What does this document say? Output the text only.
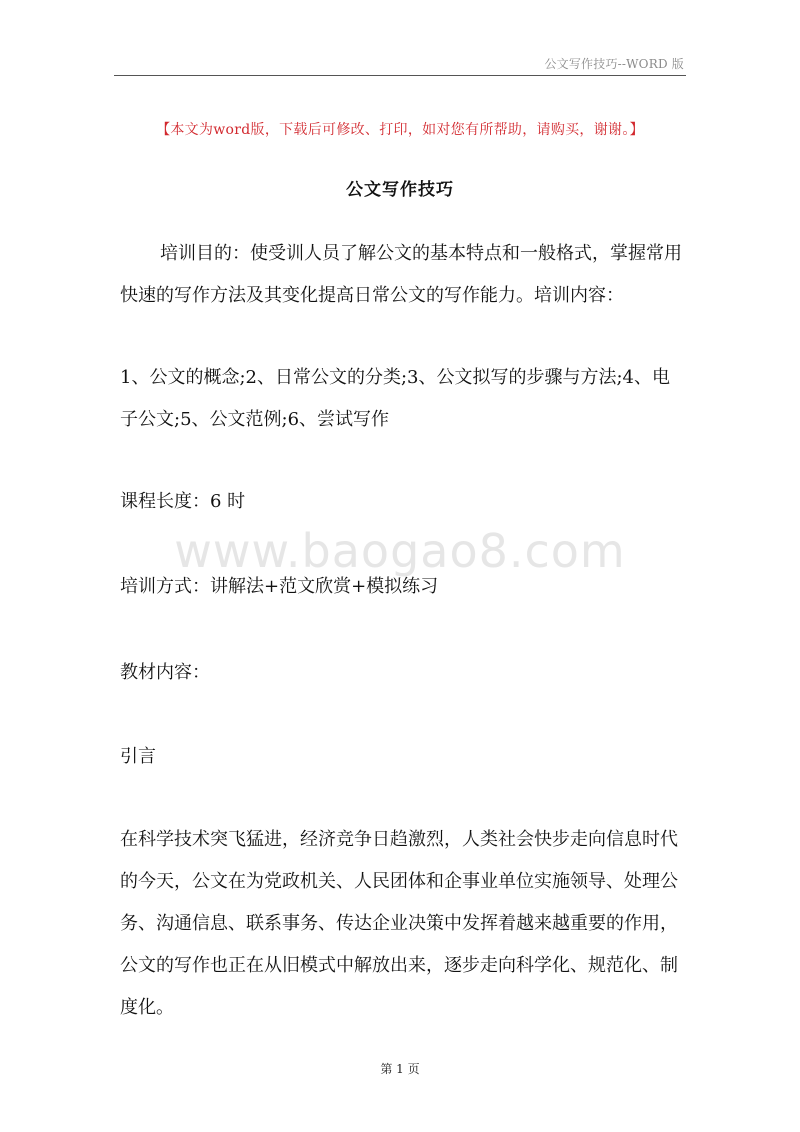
公文写作技巧--WORD 版
【本文为word版，下载后可修改、打印，如对您有所帮助，请购买，谢谢。】
公文写作技巧

培训目的：使受训人员了解公文的基本特点和一般格式，掌握常用快速的写作方法及其变化提高日常公文的写作能力。培训内容：

1、公文的概念;2、日常公文的分类;3、公文拟写的步骤与方法;4、电子公文;5、公文范例;6、尝试写作

课程长度：6 时

www.baogao8.com

培训方式：讲解法+范文欣赏+模拟练习

教材内容：

引言

在科学技术突飞猛进，经济竞争日趋激烈，人类社会快步走向信息时代的今天，公文在为党政机关、人民团体和企事业单位实施领导、处理公务、沟通信息、联系事务、传达企业决策中发挥着越来越重要的作用，公文的写作也正在从旧模式中解放出来，逐步走向科学化、规范化、制度化。

第 1 页
